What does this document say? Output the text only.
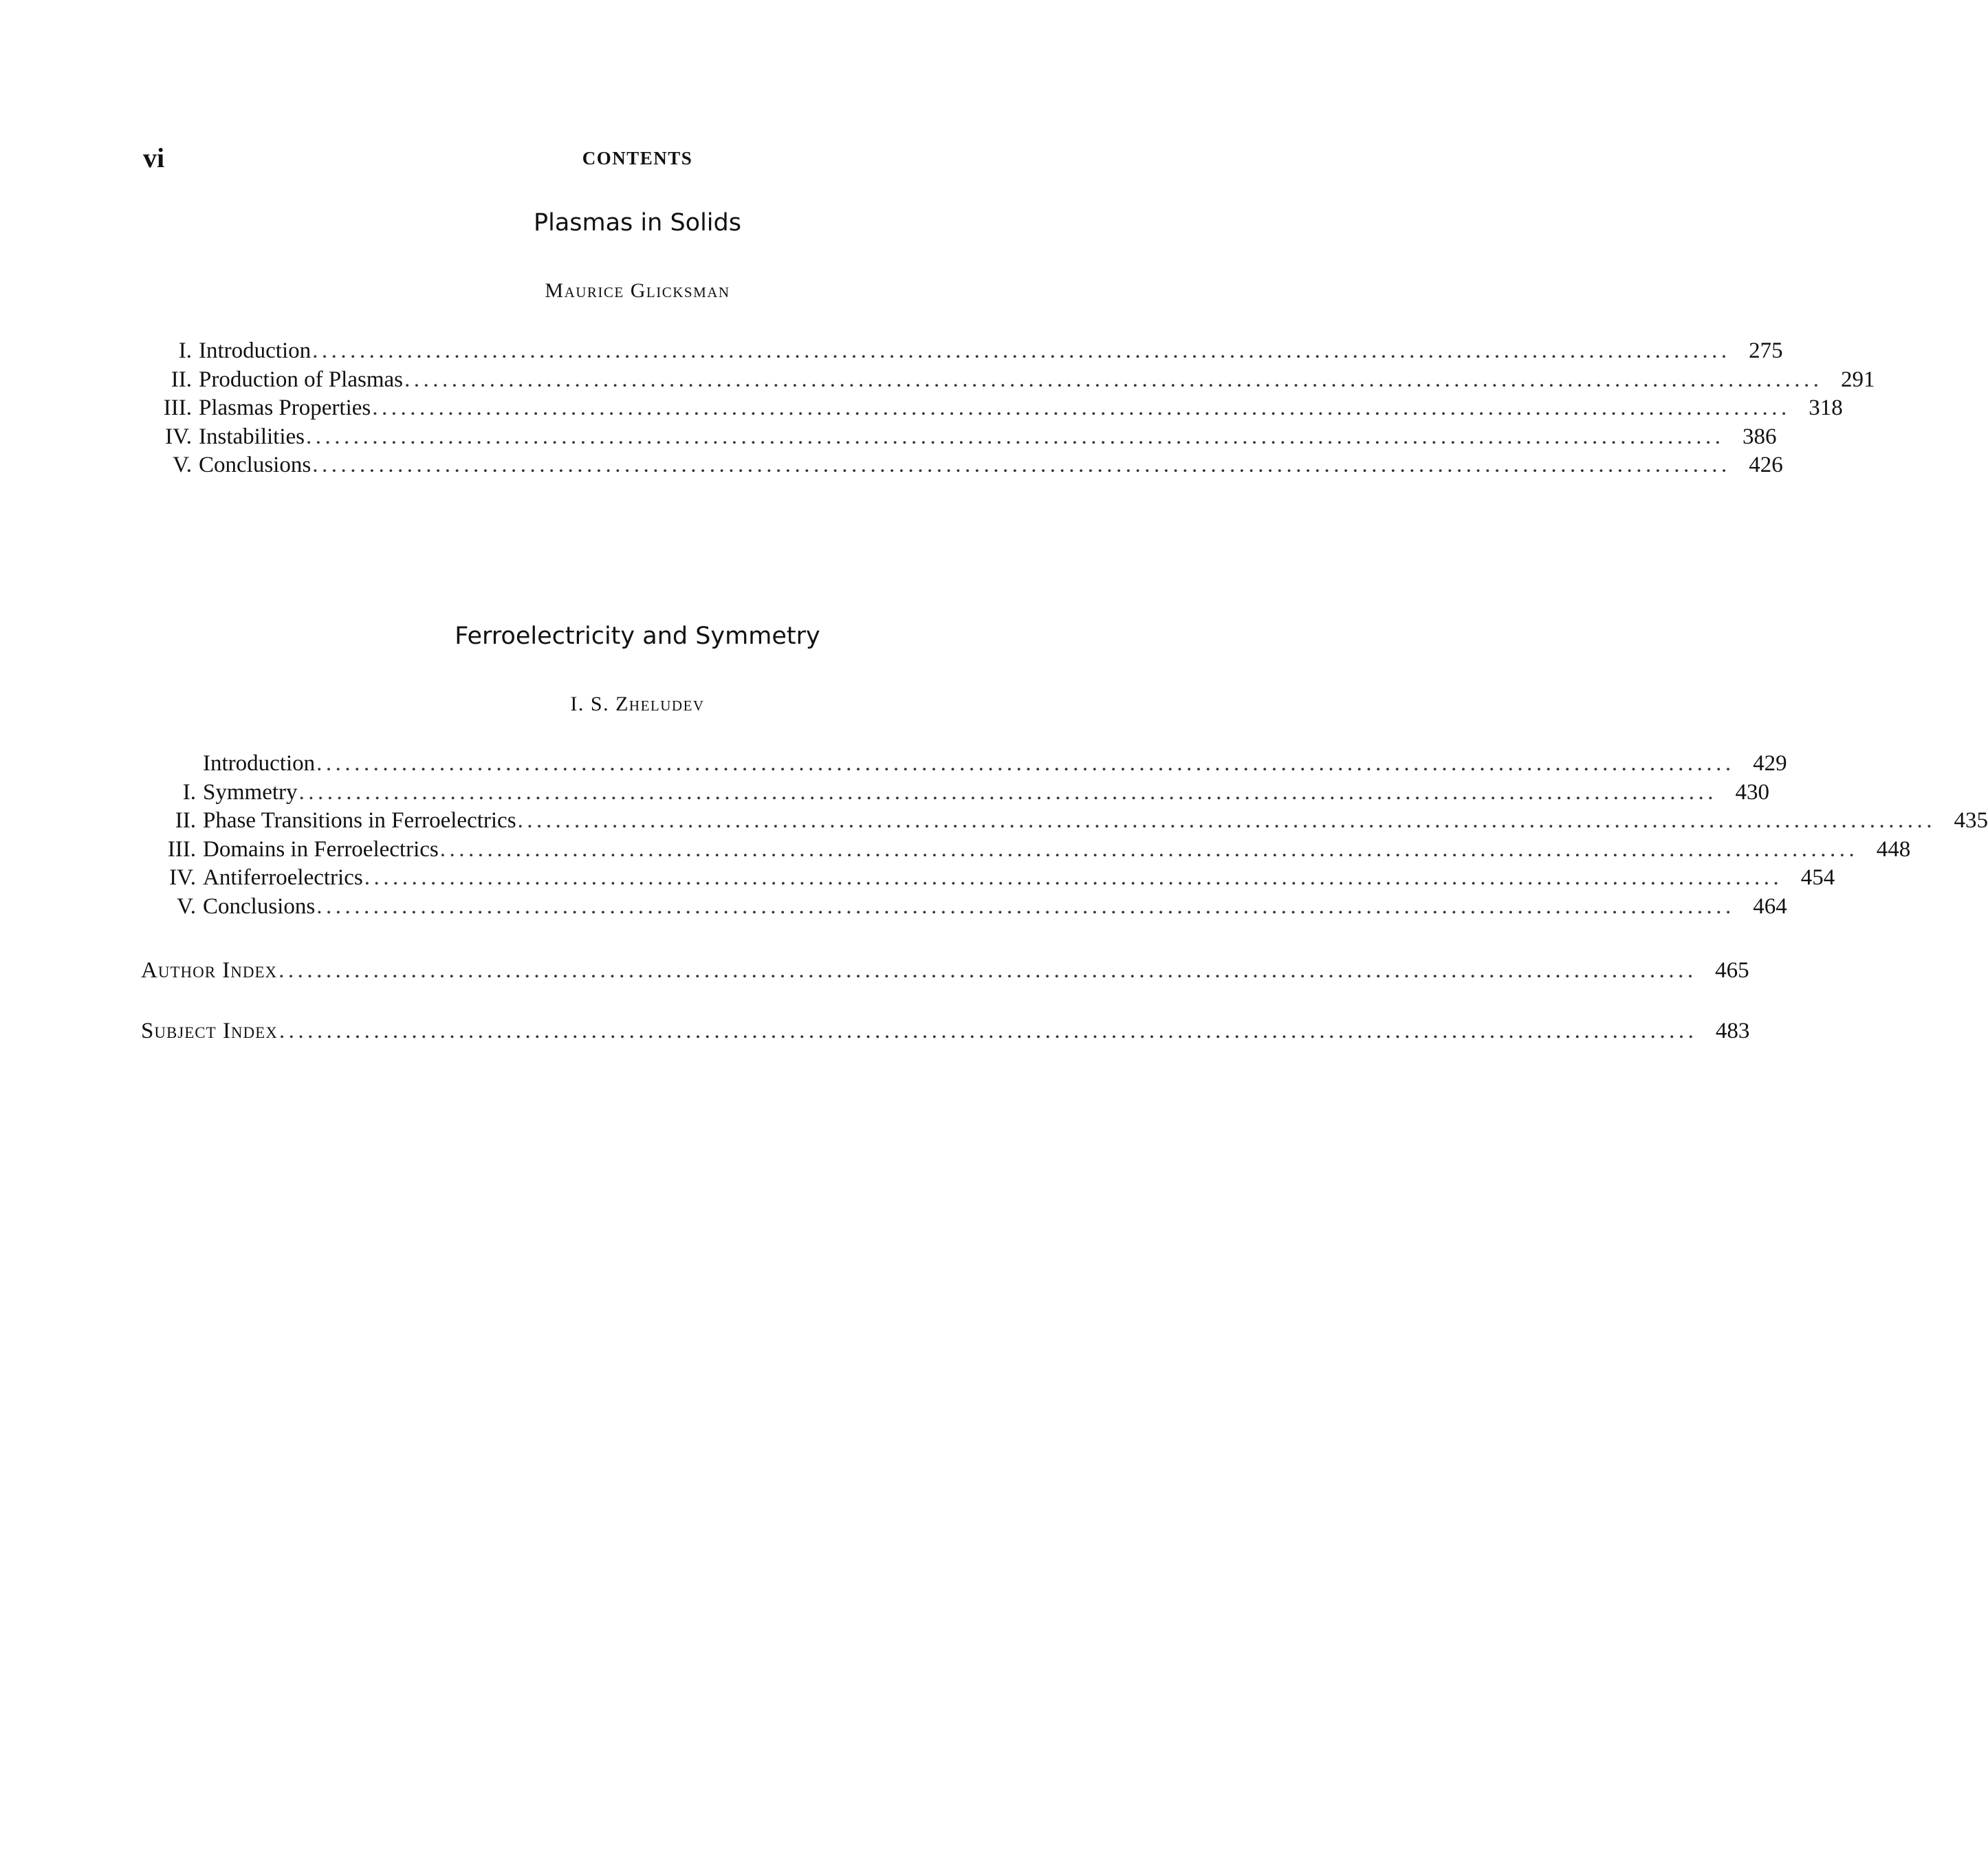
vi	CONTENTS
Plasmas in Solids
Maurice Glicksman
I. Introduction ...................................................................................................................................................... 275
II. Production of Plasmas ...................................................................................................................................................... 291
III. Plasmas Properties ...................................................................................................................................................... 318
IV. Instabilities ...................................................................................................................................................... 386
V. Conclusions ...................................................................................................................................................... 426
Ferroelectricity and Symmetry
I. S. Zheludev
Introduction ...................................................................................................................................................... 429
I. Symmetry ...................................................................................................................................................... 430
II. Phase Transitions in Ferroelectrics ...................................................................................................................................................... 435
III. Domains in Ferroelectrics ...................................................................................................................................................... 448
IV. Antiferroelectrics ...................................................................................................................................................... 454
V. Conclusions ...................................................................................................................................................... 464
Author Index ...................................................................................................................................................... 465
Subject Index ...................................................................................................................................................... 483
